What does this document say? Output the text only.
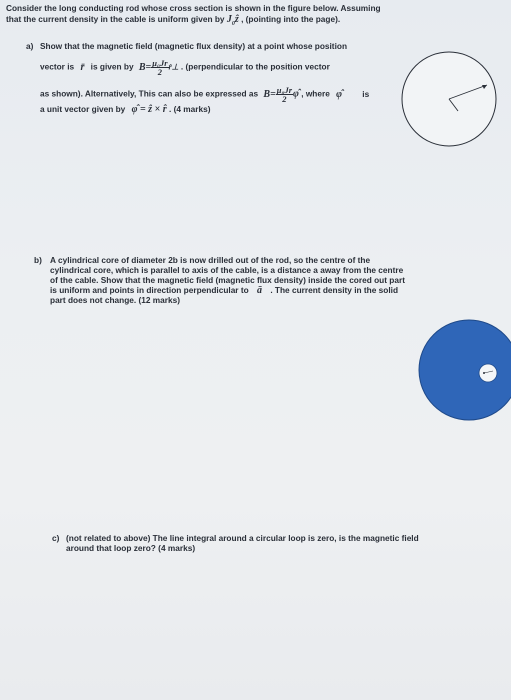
Consider the long conducting rod whose cross section is shown in the figure below. Assuming
that the current density in the cable is uniform given by $J_0ẑ$ , (pointing into the page).
a) Show that the magnetic field (magnetic flux density) at a point whose position
vector is r̄ is given by $B= \frac{\text{μ₀Jr}}{2}$ r̂⊥ . (perpendicular to the position vector
as shown). Alternatively, This can also be expressed as $B= \frac{\text{μ₀Jr}}{2}$ φ̂ , where φ̂ is
a unit vector given by φ̂ = ẑ × r̂ . (4 marks)
b) A cylindrical core of diameter 2b is now drilled out of the rod, so the centre of the
cylindrical core, which is parallel to axis of the cable, is a distance a away from the centre
of the cable. Show that the magnetic field (magnetic flux density) inside the cored out part
is uniform and points in direction perpendicular to ā . The current density in the solid
part does not change. (12 marks)
c) (not related to above) The line integral around a circular loop is zero, is the magnetic field
around that loop zero? (4 marks)
